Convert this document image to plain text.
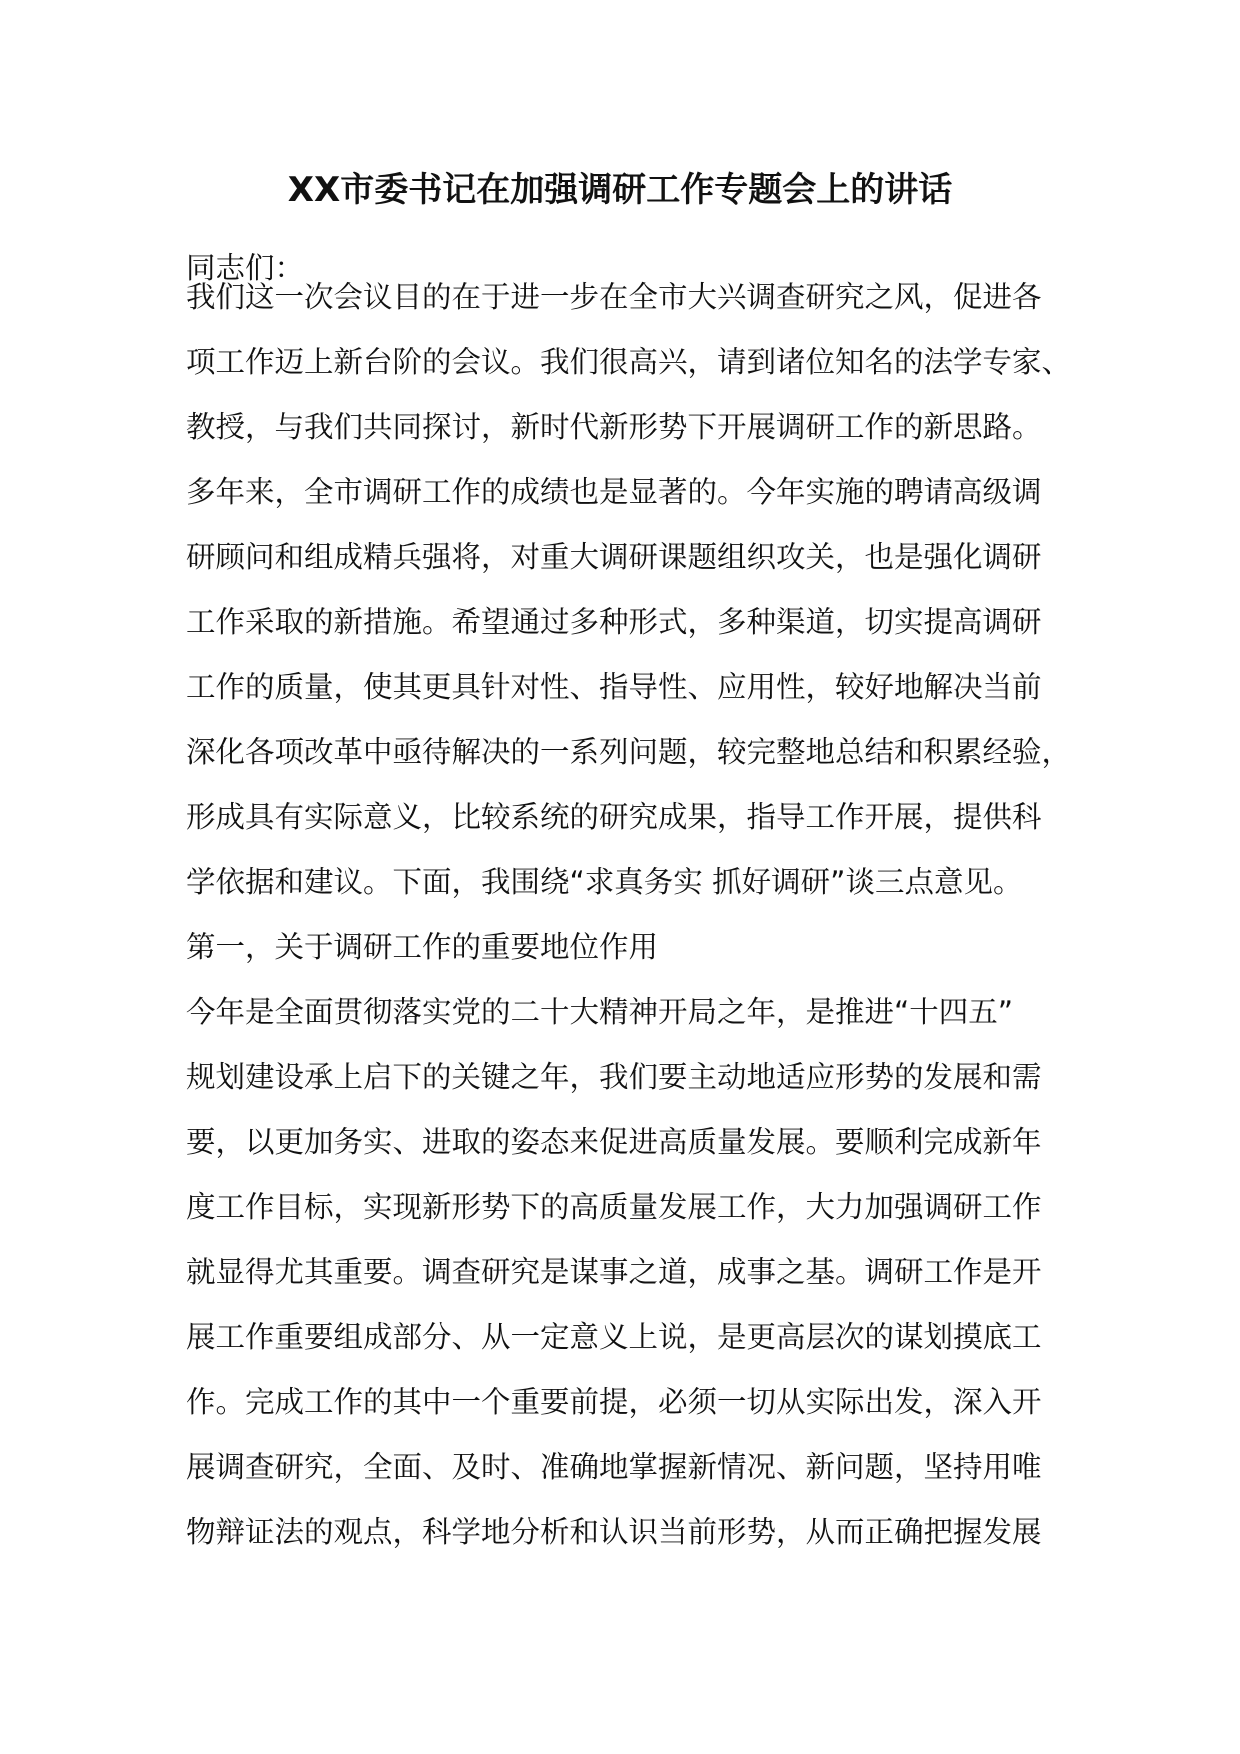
XX市委书记在加强调研工作专题会上的讲话
同志们：
我们这一次会议目的在于进一步在全市大兴调查研究之风，促进各
项工作迈上新台阶的会议。我们很高兴，请到诸位知名的法学专家、
教授，与我们共同探讨，新时代新形势下开展调研工作的新思路。
多年来，全市调研工作的成绩也是显著的。今年实施的聘请高级调
研顾问和组成精兵强将，对重大调研课题组织攻关，也是强化调研
工作采取的新措施。希望通过多种形式，多种渠道，切实提高调研
工作的质量，使其更具针对性、指导性、应用性，较好地解决当前
深化各项改革中亟待解决的一系列问题，较完整地总结和积累经验，
形成具有实际意义，比较系统的研究成果，指导工作开展，提供科
学依据和建议。下面，我围绕“求真务实 抓好调研”谈三点意见。
第一，关于调研工作的重要地位作用
今年是全面贯彻落实党的二十大精神开局之年，是推进“十四五”
规划建设承上启下的关键之年，我们要主动地适应形势的发展和需
要，以更加务实、进取的姿态来促进高质量发展。要顺利完成新年
度工作目标，实现新形势下的高质量发展工作，大力加强调研工作
就显得尤其重要。调查研究是谋事之道，成事之基。调研工作是开
展工作重要组成部分、从一定意义上说，是更高层次的谋划摸底工
作。完成工作的其中一个重要前提，必须一切从实际出发，深入开
展调查研究，全面、及时、准确地掌握新情况、新问题，坚持用唯
物辩证法的观点，科学地分析和认识当前形势，从而正确把握发展
